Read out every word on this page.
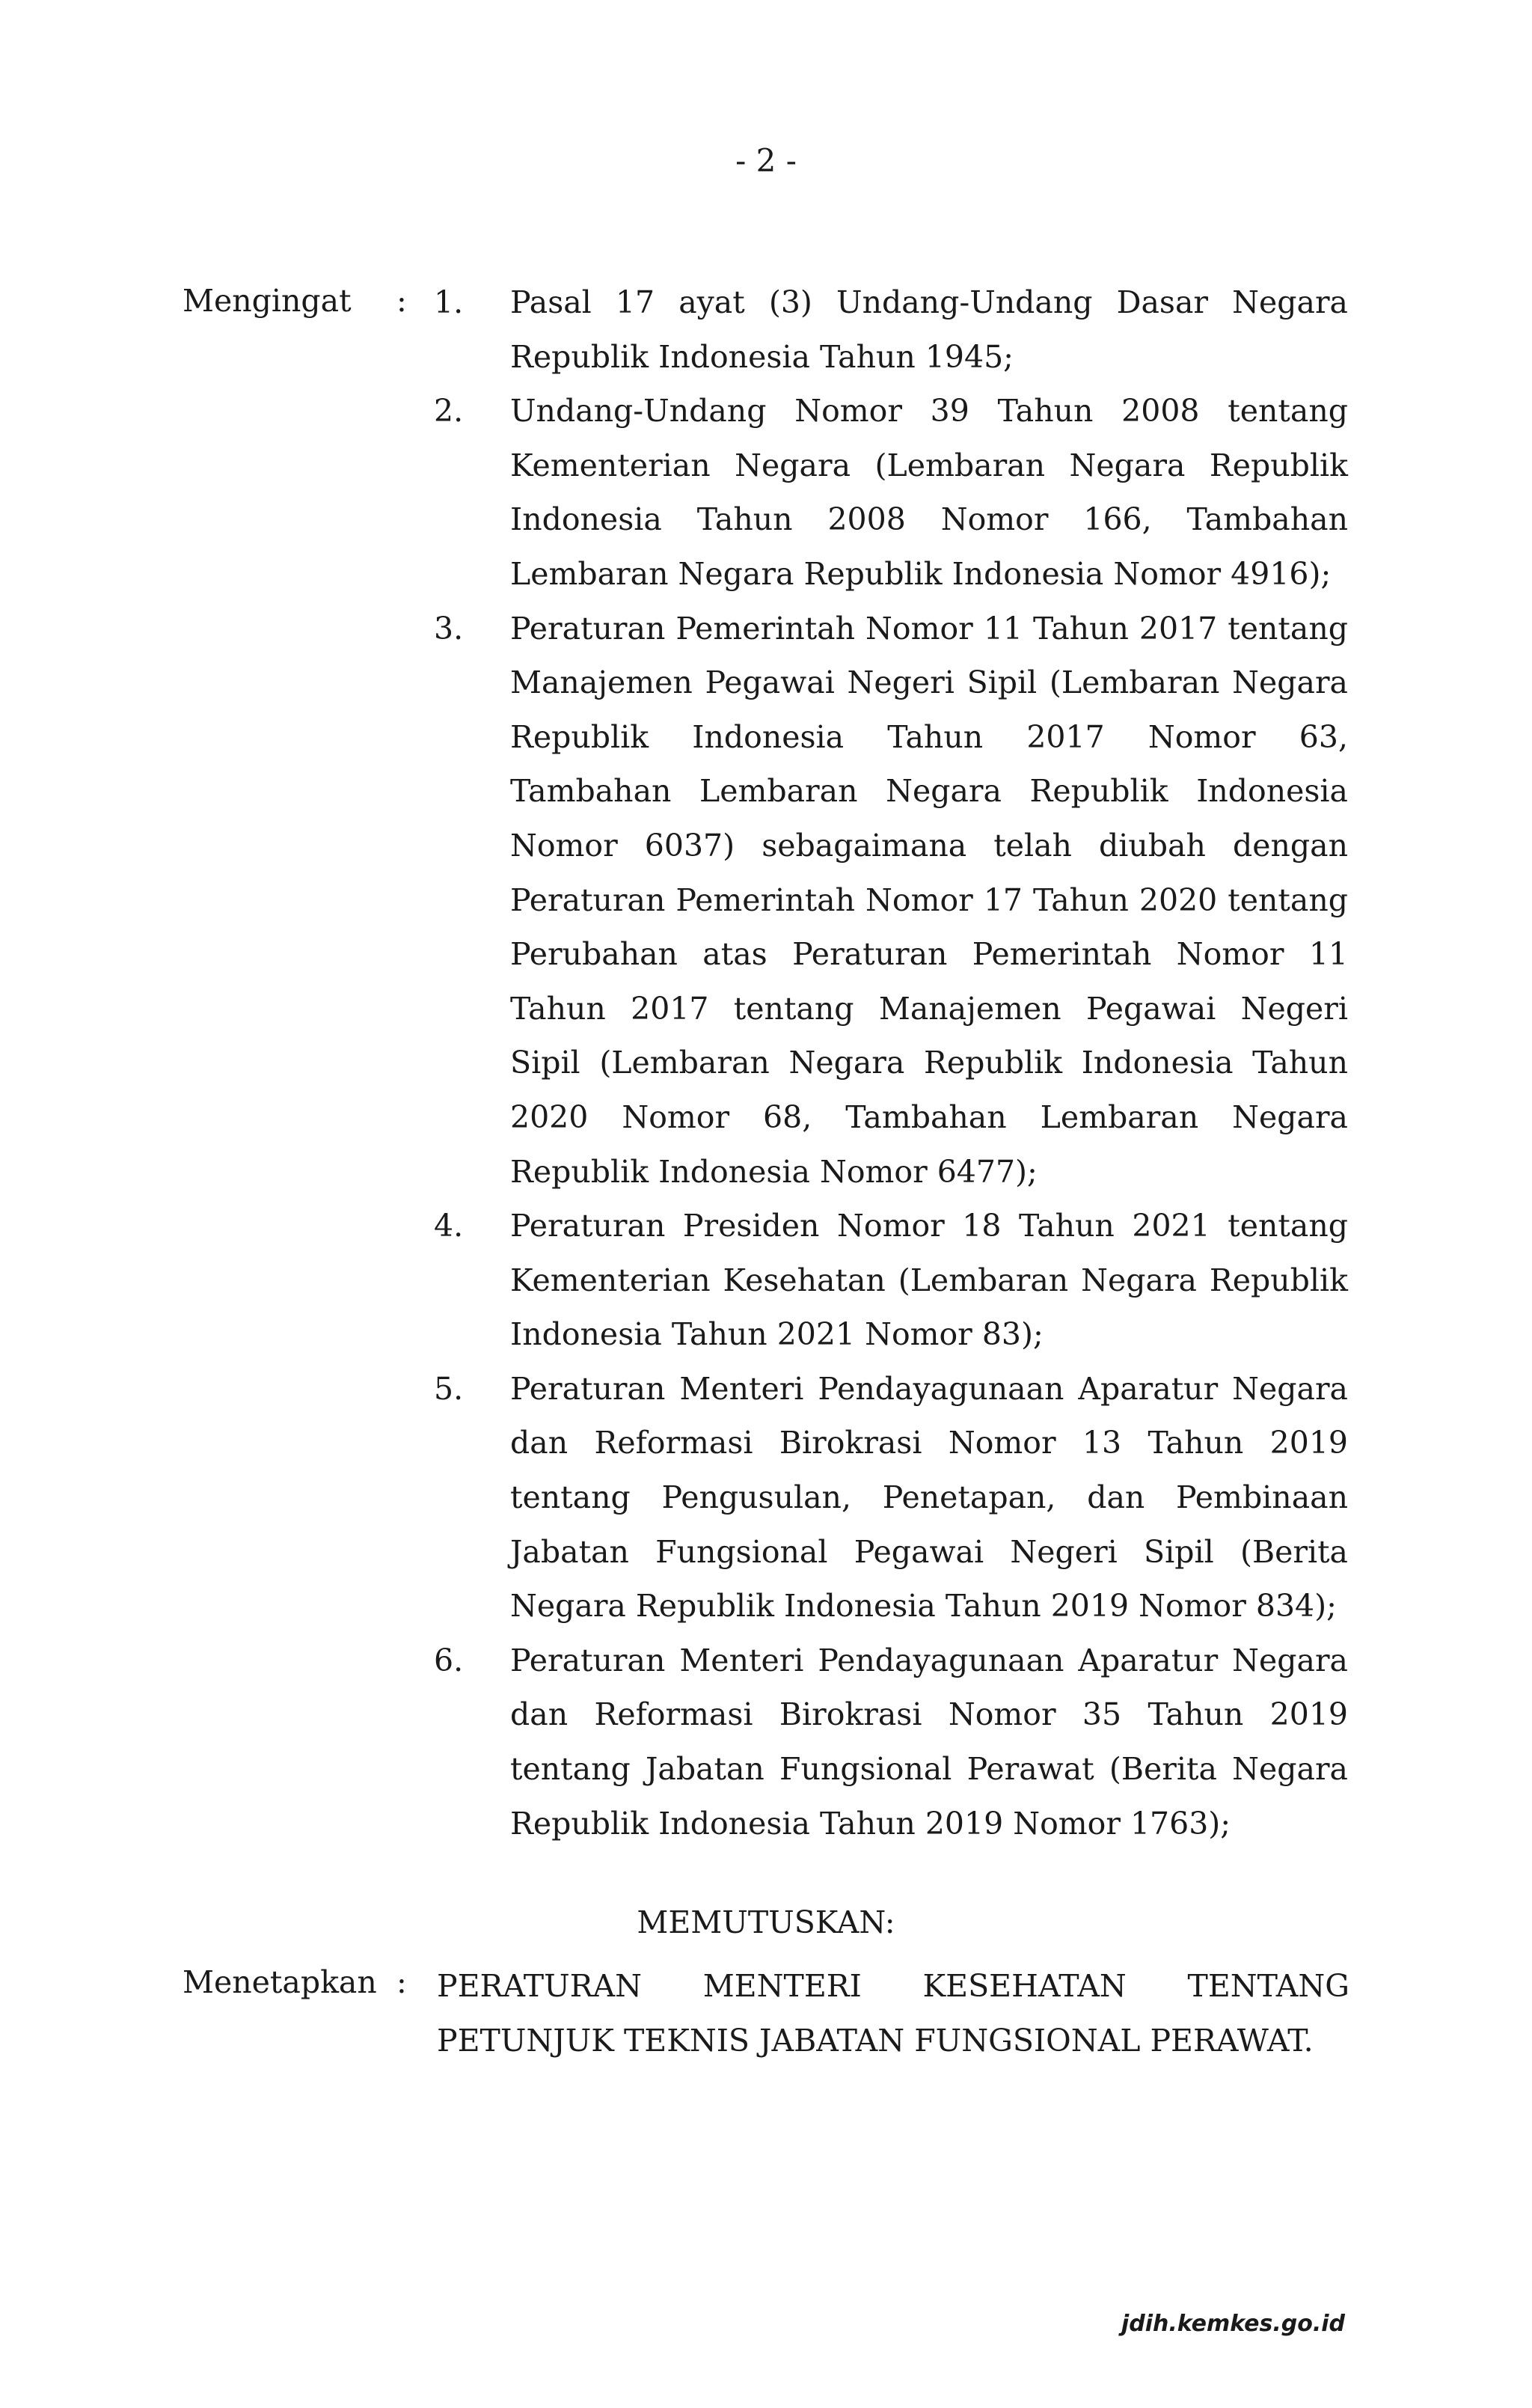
- 2 -
Mengingat : 1. Pasal 17 ayat (3) Undang-Undang Dasar Negara Republik Indonesia Tahun 1945;
2. Undang-Undang Nomor 39 Tahun 2008 tentang Kementerian Negara (Lembaran Negara Republik Indonesia Tahun 2008 Nomor 166, Tambahan Lembaran Negara Republik Indonesia Nomor 4916);
3. Peraturan Pemerintah Nomor 11 Tahun 2017 tentang Manajemen Pegawai Negeri Sipil (Lembaran Negara Republik Indonesia Tahun 2017 Nomor 63, Tambahan Lembaran Negara Republik Indonesia Nomor 6037) sebagaimana telah diubah dengan Peraturan Pemerintah Nomor 17 Tahun 2020 tentang Perubahan atas Peraturan Pemerintah Nomor 11 Tahun 2017 tentang Manajemen Pegawai Negeri Sipil (Lembaran Negara Republik Indonesia Tahun 2020 Nomor 68, Tambahan Lembaran Negara Republik Indonesia Nomor 6477);
4. Peraturan Presiden Nomor 18 Tahun 2021 tentang Kementerian Kesehatan (Lembaran Negara Republik Indonesia Tahun 2021 Nomor 83);
5. Peraturan Menteri Pendayagunaan Aparatur Negara dan Reformasi Birokrasi Nomor 13 Tahun 2019 tentang Pengusulan, Penetapan, dan Pembinaan Jabatan Fungsional Pegawai Negeri Sipil (Berita Negara Republik Indonesia Tahun 2019 Nomor 834);
6. Peraturan Menteri Pendayagunaan Aparatur Negara dan Reformasi Birokrasi Nomor 35 Tahun 2019 tentang Jabatan Fungsional Perawat (Berita Negara Republik Indonesia Tahun 2019 Nomor 1763);
MEMUTUSKAN:
Menetapkan : PERATURAN MENTERI KESEHATAN TENTANG PETUNJUK TEKNIS JABATAN FUNGSIONAL PERAWAT.
jdih.kemkes.go.id
